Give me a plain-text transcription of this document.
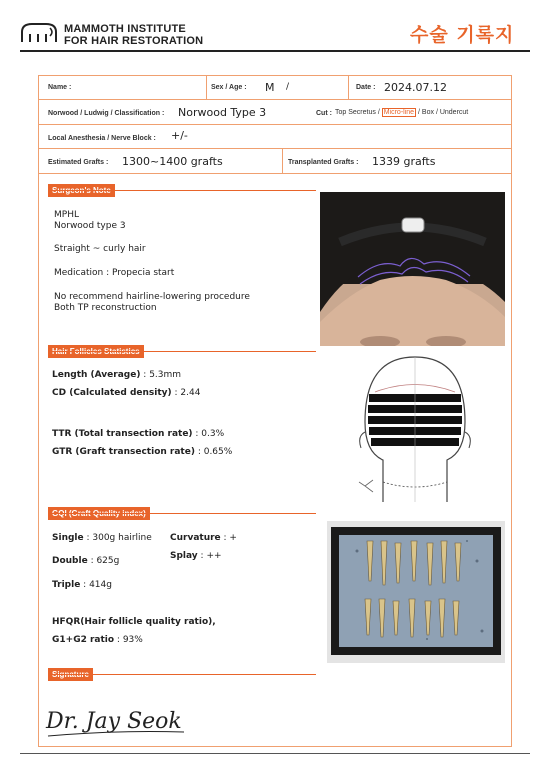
MAMMOTH INSTITUTE
FOR HAIR RESTORATION	수술 기록지
Name :	Sex / Age : M /	Date : 2024.07.12
Norwood / Ludwig / Classification : Norwood Type 3	Cut : Top Secretus / Micro-line / Box / Undercut
Local Anesthesia / Nerve Block : +/-
Estimated Grafts : 1300~1400 grafts	Transplanted Grafts : 1339 grafts
MPHL
Norwood type 3
Straight ~ curly hair
Medication : Propecia start
No recommend hairline-lowering procedure
Both TP reconstruction
Length (Average) : 5.3mm
CD (Calculated density) : 2.44
TTR (Total transection rate) : 0.3%
GTR (Graft transection rate) : 0.65%
Single : 300g hairline
Double : 625g
Triple : 414g
Curvature : +
Splay : ++
HFQR(Hair follicle quality ratio),
G1+G2 ratio : 93%
Dr. Jay Seok
